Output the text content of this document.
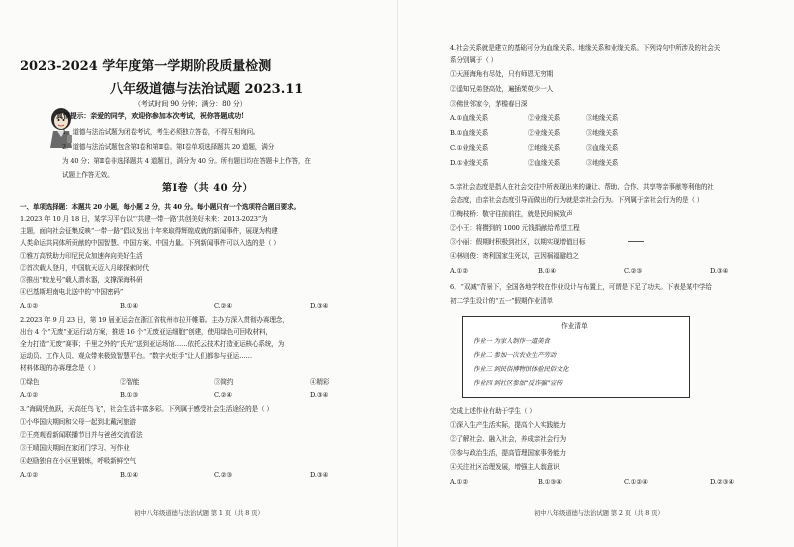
2023-2024 学年度第一学期阶段质量检测
八年级道德与法治试题 2023.11
（考试时间 90 分钟；满分：80 分）
真情提示：亲爱的同学，欢迎你参加本次考试，祝你答题成功!
1．道德与法治试题为闭卷考试，考生必须独立答卷，不得互相询问。
2．道德与法治试题包含第Ⅰ卷和第Ⅱ卷。第Ⅰ卷单项选择题共 20 道题，满分
为 40 分；第Ⅱ卷非选择题共 4 道题目，满分为 40 分。所有题目均在答题卡上作答，在
试题上作答无效。
第Ⅰ卷（共 40 分）
一、单项选择题：本题共 20 小题，每小题 2 分，共 40 分。每小题只有一个选项符合题目要求。
1.2023 年 10 月 18 日，某学习平台以“‘共建一带一路’共创美好未来：2013-2023”为
主题，面向社会征集反映“一带一路”倡议发出十年来取得辉煌成就的新闻事件，展现为构建
人类命运共同体所贡献的中国智慧、中国方案、中国力量。下列新闻事件可以入选的是（ ）
①雅万高铁助力印尼民众加速奔向美好生活
②首次载人登月，中国航天迈入月球探索时代
③推出“蛟龙号”载人潜水器，支撑深海科研
④巴基斯坦南电北送中的“中国密码”
A.①②	B.①④	C.②④	D.③④
2.2023 年 9 月 23 日，第 19 届亚运会在浙江省杭州市拉开帷幕。主办方深入贯彻办赛理念，
出台 4 个“无废”亚运行动方案，推进 16 个“无废亚运细胞”创建，使用绿色可回收材料，
全力打造“无废”赛事；千里之外的“氏光”送到亚运场馆……依托云技术打造亚运核心系统，为
运动员、工作人员、观众带来极致智慧平台。“数字火炬手”让人们都参与亚运……
材料体现的办赛理念是（ ）
①绿色	②智能	③简约	④精彩
A.①②	B.①③	C.②④	D.③④
3.“海阔凭鱼跃，天高任鸟飞”，社会生活丰富多彩。下列属于感受社会生活途径的是（ ）
①小华国庆期间和父母一起到北戴河旅游
②王亮观看新闻联播节目并与爸爸交流看法
③王晴国庆期间在家闭门学习、写作业
④赵励独自在小区里锻炼，呼吸新鲜空气
A.①②	B.①④	C.②③	D.③④
初中八年级道德与法治试题 第 1 页（共 8 页）
4.社会关系就是建立的基础可分为血缘关系、地缘关系和业缘关系。下列诗句中所涉及的社会关
系分别属于（ ）
①天涯海角有尽处，只有师恩无穷期
②遥知兄弟登高处，遍插茱萸少一人
③佛世邻家今，茅檐春日深
A.①血缘关系	②业缘关系	③地缘关系
B.①血缘关系	②业缘关系	③地缘关系
C.①业缘关系	②地缘关系	③血缘关系
D.①业缘关系	②血缘关系	③地缘关系
5.亲社会态度是指人在社会交往中所表现出来的谦让、帮助、合作、共享等亲事献等利他的社
会态度，由亲社会态度引导而做出的行为就是亲社会行为。下列属于亲社会行为的是（ ）
①梅枝桥：敬守往前前往，就是民间候致声
②小王：将攒到的 1000 元钱捐献给希望工程
③小丽：假期时积极到社区，以期实现增值目标
④林则俊：寄利国家生死以，岂因祸福避趋之
A.①②	B.①④	C.②③	D.③④
6．“双减”背景下，全国各地学校在作业设计与布置上，可谓是下足了功夫。下表是某中学给
初二学生设计的“五一”假期作业清单
作业清单
作业一 为家人制作一道美食
作业二 参加一次农业生产劳动
作业三 到民俗博物馆体验民俗文化
作业四 到社区参加“反诈骗”宣传
完成上述作业有助于学生（ ）
①深入生产生活实际，提高个人实践能力
②了解社会、融入社会，养成亲社会行为
③参与政治生活，提高管理国家事务能力
④关注社区治理发展，增强主人翁意识
A.①②	B.①③④	C.①②④	D.②③④
初中八年级道德与法治试题 第 2 页（共 8 页）
